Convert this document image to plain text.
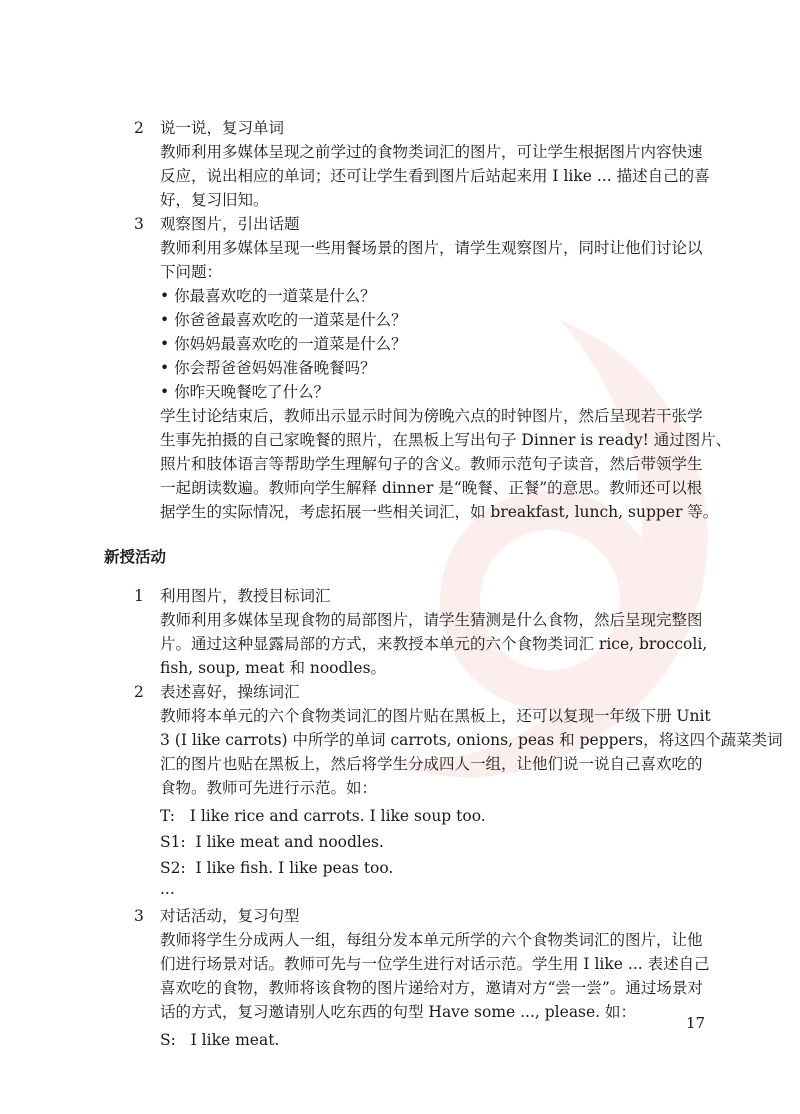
2 说一说，复习单词

教师利用多媒体呈现之前学过的食物类词汇的图片，可让学生根据图片内容快速

反应，说出相应的单词；还可让学生看到图片后站起来用 I like ... 描述自己的喜

好，复习旧知。

3 观察图片，引出话题

教师利用多媒体呈现一些用餐场景的图片，请学生观察图片，同时让他们讨论以

下问题：

• 你最喜欢吃的一道菜是什么？

• 你爸爸最喜欢吃的一道菜是什么？

• 你妈妈最喜欢吃的一道菜是什么？

• 你会帮爸爸妈妈准备晚餐吗？

• 你昨天晚餐吃了什么？

学生讨论结束后，教师出示显示时间为傍晚六点的时钟图片，然后呈现若干张学

生事先拍摄的自己家晚餐的照片，在黑板上写出句子 Dinner is ready! 通过图片、

照片和肢体语言等帮助学生理解句子的含义。教师示范句子读音，然后带领学生

一起朗读数遍。教师向学生解释 dinner 是“晚餐、正餐”的意思。教师还可以根

据学生的实际情况，考虑拓展一些相关词汇，如 breakfast, lunch, supper 等。

新授活动

1 利用图片，教授目标词汇

教师利用多媒体呈现食物的局部图片，请学生猜测是什么食物，然后呈现完整图

片。通过这种显露局部的方式，来教授本单元的六个食物类词汇 rice, broccoli,

fish, soup, meat 和 noodles。

2 表述喜好，操练词汇

教师将本单元的六个食物类词汇的图片贴在黑板上，还可以复现一年级下册 Unit

3 (I like carrots) 中所学的单词 carrots, onions, peas 和 peppers，将这四个蔬菜类词

汇的图片也贴在黑板上，然后将学生分成四人一组，让他们说一说自己喜欢吃的

食物。教师可先进行示范。如：

T:   I like rice and carrots. I like soup too.

S1:  I like meat and noodles.

S2:  I like fish. I like peas too.

...

3 对话活动，复习句型

教师将学生分成两人一组，每组分发本单元所学的六个食物类词汇的图片，让他

们进行场景对话。教师可先与一位学生进行对话示范。学生用 I like ... 表述自己

喜欢吃的食物，教师将该食物的图片递给对方，邀请对方“尝一尝”。通过场景对

话的方式，复习邀请别人吃东西的句型 Have some ..., please. 如：

S:   I like meat.

17
